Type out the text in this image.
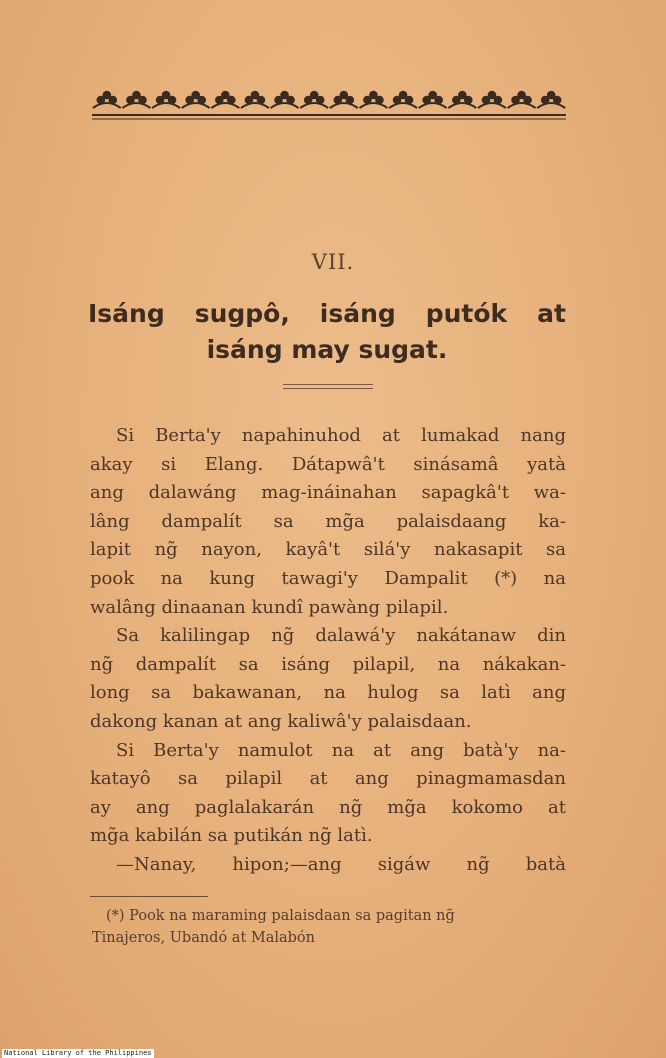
VII.
Isáng sugpô, isáng putók at
isáng may sugat.

Si Berta'y napahinuhod at lumakad nang
akay si Elang. Dátapwâ't sinásamâ yatà
ang dalawáng mag-ináinahan sapagkâ't wa-
lâng dampalít sa mg̃a palaisdaang ka-
lapit ng̃ nayon, kayâ't silá'y nakasapit sa
pook na kung tawagi'y Dampalit (*) na
walâng dinaanan kundî pawàng pilapil.

Sa kalilingap ng̃ dalawá'y nakátanaw din
ng̃ dampalít sa isáng pilapil, na nákakan-
long sa bakawanan, na hulog sa latì ang
dakong kanan at ang kaliwâ'y palaisdaan.

Si Berta'y namulot na at ang batà'y na-
katayô sa pilapil at ang pinagmamasdan
ay ang paglalakarán ng̃ mg̃a kokomo at
mg̃a kabilán sa putikán ng̃ latì.

—Nanay, hipon;—ang sigáw ng̃ batà

(*) Pook na maraming palaisdaan sa pagitan ng̃
Tinajeros, Ubandó at Malabón
National Library of the Philippines
